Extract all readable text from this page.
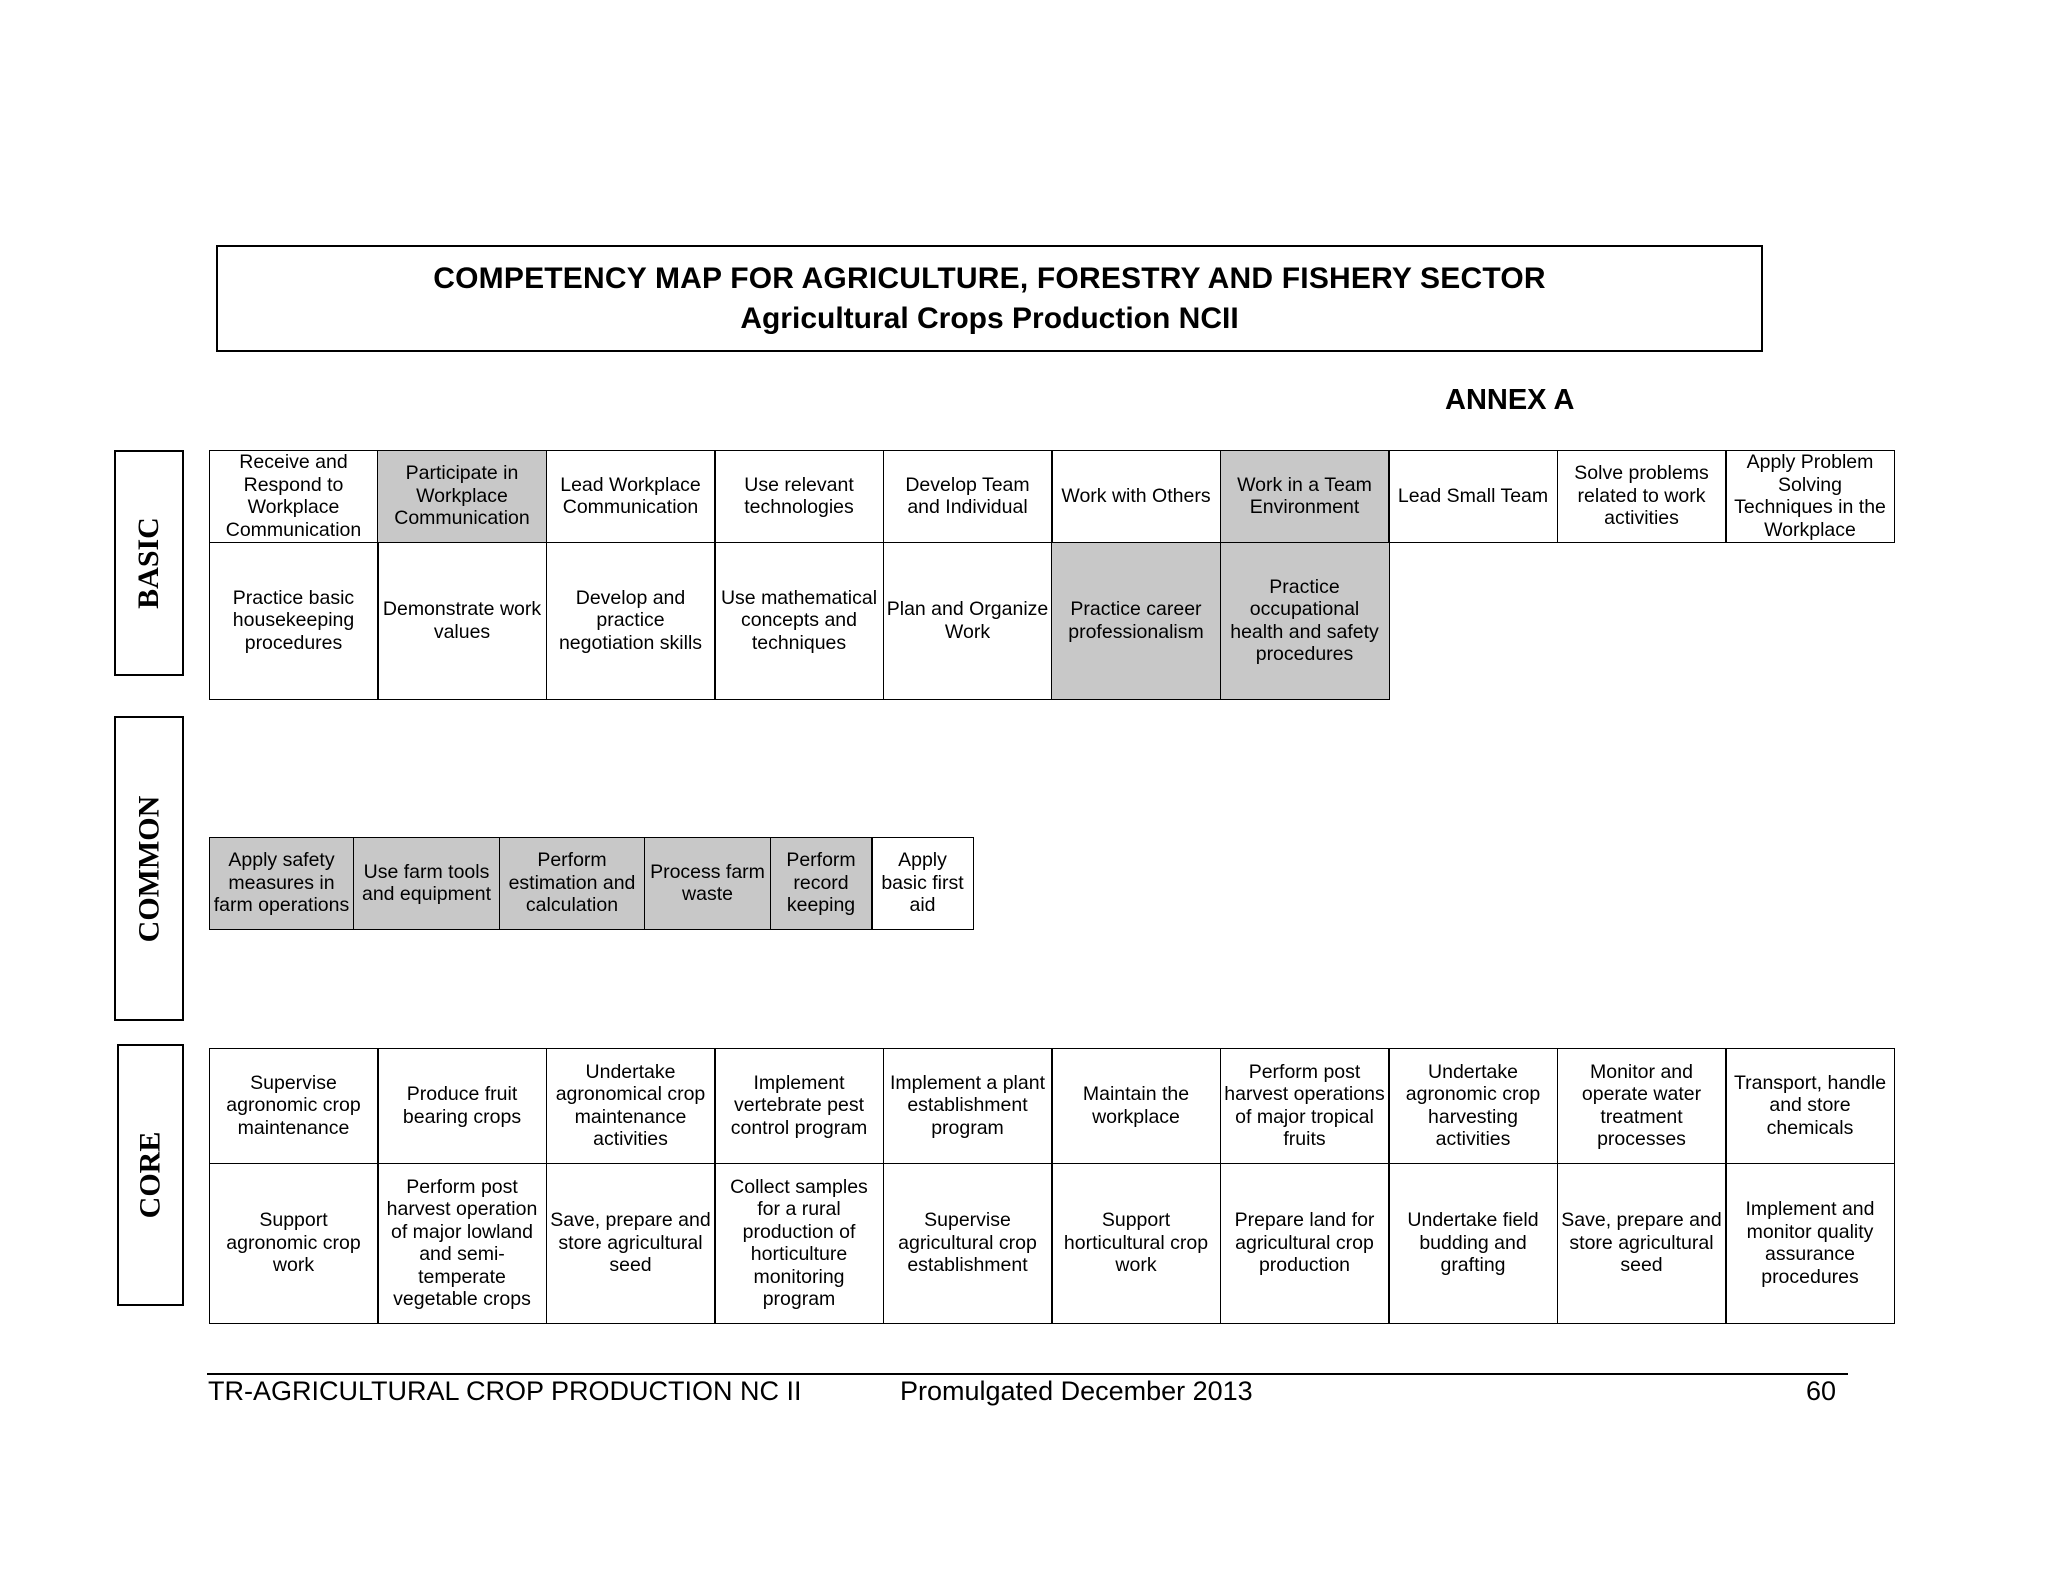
COMPETENCY MAP FOR AGRICULTURE, FORESTRY AND FISHERY SECTOR
Agricultural Crops Production NCII
ANNEX A
BASIC
COMMON
CORE
Receive and Respond to Workplace Communication
Participate in Workplace Communication
Lead Workplace Communication
Use relevant technologies
Develop Team and Individual
Work with Others
Work in a Team Environment
Lead Small Team
Solve problems related to work activities
Apply Problem Solving Techniques in the Workplace
Practice basic housekeeping procedures
Demonstrate work values
Develop and practice negotiation skills
Use mathematical concepts and techniques
Plan and Organize Work
Practice career professionalism
Practice occupational health and safety procedures
Apply safety measures in farm operations
Use farm tools and equipment
Perform estimation and calculation
Process farm waste
Perform record keeping
Apply basic first aid
Supervise agronomic crop maintenance
Produce fruit bearing crops
Undertake agronomical crop maintenance activities
Implement vertebrate pest control program
Implement a plant establishment program
Maintain the workplace
Perform post harvest operations of major tropical fruits
Undertake agronomic crop harvesting activities
Monitor and operate water treatment processes
Transport, handle and store chemicals
Support agronomic crop work
Perform post harvest operation of major lowland and semi-temperate vegetable crops
Save, prepare and store agricultural seed
Collect samples for a rural production of horticulture monitoring program
Supervise agricultural crop establishment
Support horticultural crop work
Prepare land for agricultural crop production
Undertake field budding and grafting
Save, prepare and store agricultural seed
Implement and monitor quality assurance procedures
TR-AGRICULTURAL CROP PRODUCTION NC II	Promulgated December 2013	60
